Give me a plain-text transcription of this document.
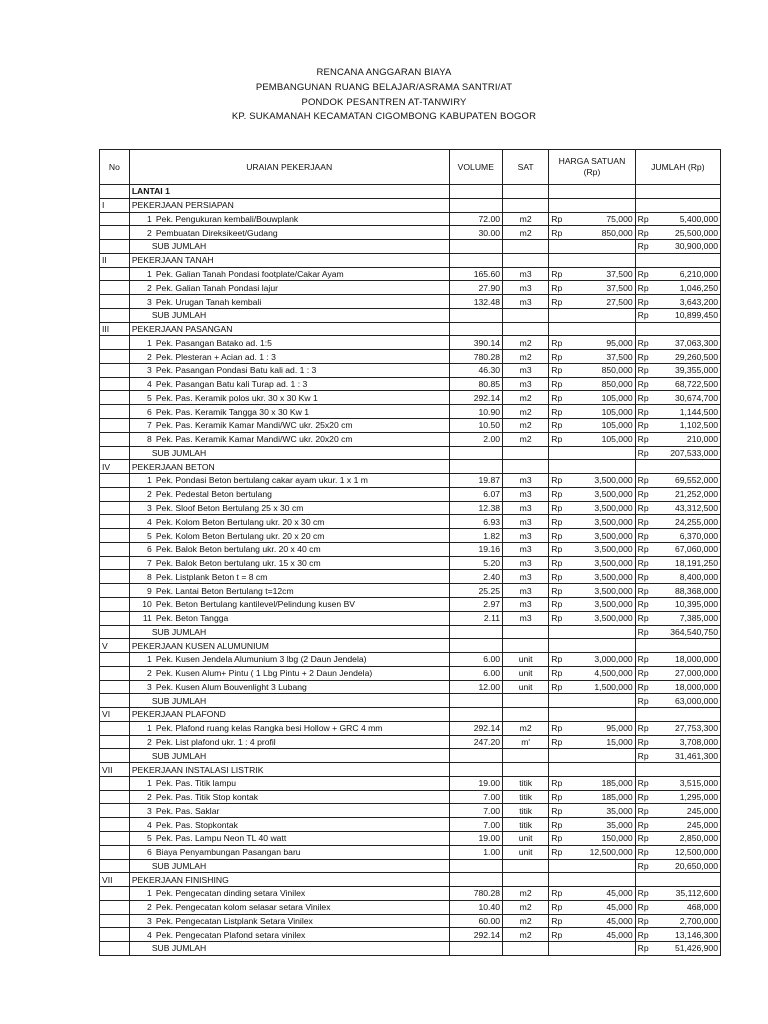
RENCANA ANGGARAN BIAYA
PEMBANGUNAN RUANG BELAJAR/ASRAMA SANTRI/AT
PONDOK PESANTREN AT-TANWIRY
KP. SUKAMANAH KECAMATAN CIGOMBONG KABUPATEN BOGOR
No	URAIAN PEKERJAAN	VOLUME	SAT	HARGA SATUAN (Rp)	JUMLAH (Rp)
	LANTAI 1				
I	PEKERJAAN PERSIAPAN				
	1 Pek. Pengukuran kembali/Bouwplank	72.00	m2	Rp 75,000	Rp 5,400,000

	2 Pembuatan Direksikeet/Gudang	30.00	m2	Rp 850,000	Rp 25,500,000

	SUB JUMLAH				Rp 30,900,000

II	PEKERJAAN TANAH				
	1 Pek. Galian Tanah Pondasi footplate/Cakar Ayam	165.60	m3	Rp 37,500	Rp 6,210,000

	2 Pek. Galian Tanah Pondasi lajur	27.90	m3	Rp 37,500	Rp 1,046,250

	3 Pek. Urugan Tanah kembali	132.48	m3	Rp 27,500	Rp 3,643,200

	SUB JUMLAH				Rp 10,899,450

III	PEKERJAAN PASANGAN				
	1 Pek. Pasangan Batako ad. 1:5	390.14	m2	Rp 95,000	Rp 37,063,300

	2 Pek. Plesteran + Acian ad. 1 : 3	780.28	m2	Rp 37,500	Rp 29,260,500

	3 Pek. Pasangan Pondasi Batu kali ad. 1 : 3	46.30	m3	Rp 850,000	Rp 39,355,000

	4 Pek. Pasangan Batu kali Turap ad. 1 : 3	80.85	m3	Rp 850,000	Rp 68,722,500

	5 Pek. Pas. Keramik polos ukr. 30 x 30 Kw 1	292.14	m2	Rp 105,000	Rp 30,674,700

	6 Pek. Pas. Keramik Tangga 30 x 30 Kw 1	10.90	m2	Rp 105,000	Rp 1,144,500

	7 Pek. Pas. Keramik Kamar Mandi/WC ukr. 25x20 cm	10.50	m2	Rp 105,000	Rp 1,102,500

	8 Pek. Pas. Keramik Kamar Mandi/WC ukr. 20x20 cm	2.00	m2	Rp 105,000	Rp 210,000

	SUB JUMLAH				Rp 207,533,000

IV	PEKERJAAN BETON				
	1 Pek. Pondasi Beton bertulang cakar ayam ukur. 1 x 1 m	19.87	m3	Rp 3,500,000	Rp 69,552,000

	2 Pek. Pedestal Beton bertulang	6.07	m3	Rp 3,500,000	Rp 21,252,000

	3 Pek. Sloof Beton Bertulang 25 x 30 cm	12.38	m3	Rp 3,500,000	Rp 43,312,500

	4 Pek. Kolom Beton Bertulang ukr. 20 x 30 cm	6.93	m3	Rp 3,500,000	Rp 24,255,000

	5 Pek. Kolom Beton Bertulang ukr. 20 x 20 cm	1.82	m3	Rp 3,500,000	Rp 6,370,000

	6 Pek. Balok Beton bertulang ukr. 20 x 40 cm	19.16	m3	Rp 3,500,000	Rp 67,060,000

	7 Pek. Balok Beton bertulang ukr. 15 x 30 cm	5.20	m3	Rp 3,500,000	Rp 18,191,250

	8 Pek. Listplank Beton t = 8 cm	2.40	m3	Rp 3,500,000	Rp 8,400,000

	9 Pek. Lantai Beton Bertulang t=12cm	25.25	m3	Rp 3,500,000	Rp 88,368,000

	10 Pek. Beton Bertulang kantilevel/Pelindung kusen BV	2.97	m3	Rp 3,500,000	Rp 10,395,000

	11 Pek. Beton Tangga	2.11	m3	Rp 3,500,000	Rp 7,385,000

	SUB JUMLAH				Rp 364,540,750

V	PEKERJAAN KUSEN ALUMUNIUM				
	1 Pek. Kusen Jendela Alumunium 3 lbg (2 Daun Jendela)	6.00	unit	Rp 3,000,000	Rp 18,000,000

	2 Pek. Kusen Alum+ Pintu ( 1 Lbg Pintu + 2 Daun Jendela)	6.00	unit	Rp 4,500,000	Rp 27,000,000

	3 Pek. Kusen Alum Bouvenlight 3 Lubang	12.00	unit	Rp 1,500,000	Rp 18,000,000

	SUB JUMLAH				Rp 63,000,000

VI	PEKERJAAN PLAFOND				
	1 Pek. Plafond ruang kelas Rangka besi Hollow + GRC 4 mm	292.14	m2	Rp 95,000	Rp 27,753,300

	2 Pek. List plafond ukr. 1 : 4 profil	247.20	m'	Rp 15,000	Rp 3,708,000

	SUB JUMLAH				Rp 31,461,300

VII	PEKERJAAN INSTALASI LISTRIK				
	1 Pek. Pas. Titik lampu	19.00	titik	Rp 185,000	Rp 3,515,000

	2 Pek. Pas. Titik Stop kontak	7.00	titik	Rp 185,000	Rp 1,295,000

	3 Pek. Pas. Saklar	7.00	titik	Rp 35,000	Rp 245,000

	4 Pek. Pas. Stopkontak	7.00	titik	Rp 35,000	Rp 245,000

	5 Pek. Pas. Lampu Neon TL 40 watt	19.00	unit	Rp 150,000	Rp 2,850,000

	6 Biaya Penyambungan Pasangan baru	1.00	unit	Rp 12,500,000	Rp 12,500,000

	SUB JUMLAH				Rp 20,650,000

VII	PEKERJAAN FINISHING				
	1 Pek. Pengecatan dinding setara Vinilex	780.28	m2	Rp 45,000	Rp 35,112,600

	2 Pek. Pengecatan kolom selasar setara Vinilex	10.40	m2	Rp 45,000	Rp 468,000

	3 Pek. Pengecatan Listplank Setara Vinilex	60.00	m2	Rp 45,000	Rp 2,700,000

	4 Pek. Pengecatan Plafond setara vinilex	292.14	m2	Rp 45,000	Rp 13,146,300

	SUB JUMLAH				Rp 51,426,900
